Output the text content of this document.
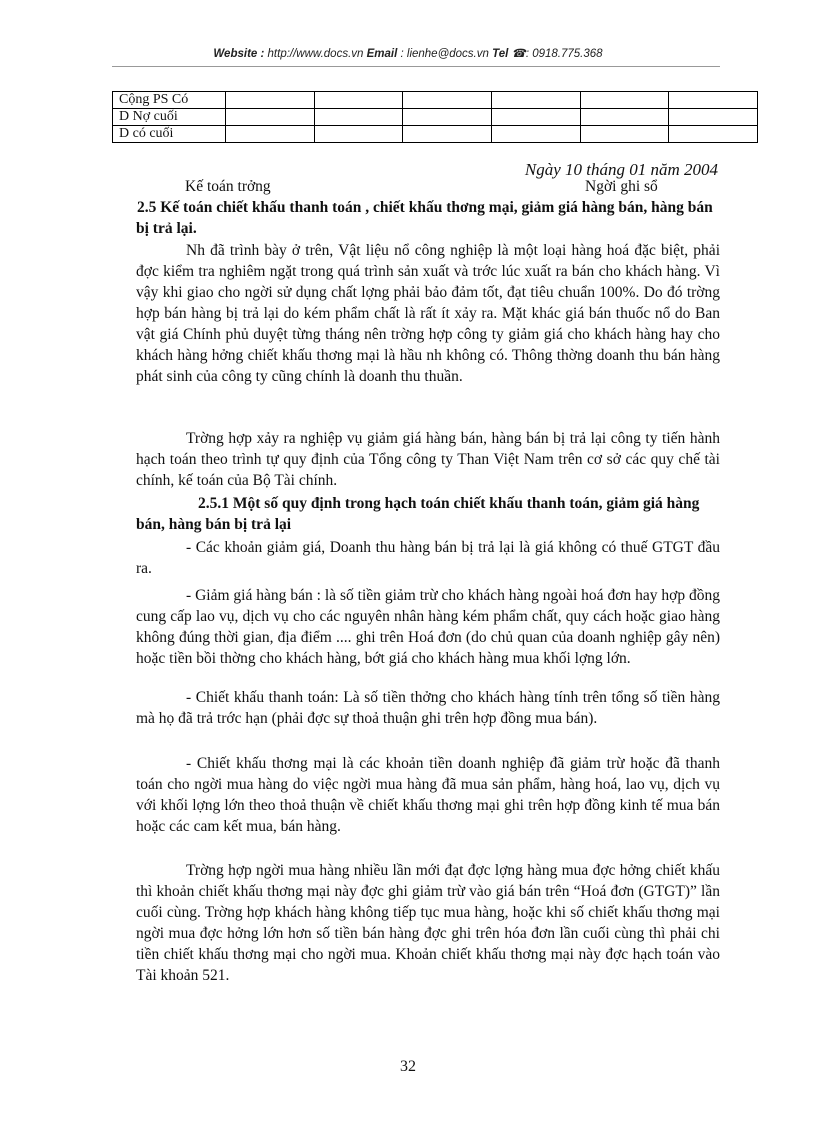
Website : http://www.docs.vn Email : lienhe@docs.vn Tel ☎: 0918.775.368
Cộng PS Có						
D Nợ cuối						
D có cuối						
Ngày 10 tháng 01 năm 2004
Kế toán trởng	Ngời ghi sổ

2.5 Kế toán chiết khấu thanh toán , chiết khấu thơng mại, giảm giá hàng bán, hàng bán bị trả lại.

Nh đã trình bày ở trên, Vật liệu nổ công nghiệp là một loại hàng hoá đặc biệt, phải đợc kiểm tra nghiêm ngặt trong quá trình sản xuất và trớc lúc xuất ra bán cho khách hàng. Vì vậy khi giao cho ngời sử dụng chất lợng phải bảo đảm tốt, đạt tiêu chuẩn 100%. Do đó trờng hợp bán hàng bị trả lại do kém phẩm chất là rất ít xảy ra. Mặt khác giá bán thuốc nổ do Ban vật giá Chính phủ duyệt từng tháng nên trờng hợp công ty giảm giá cho khách hàng hay cho khách hàng hởng chiết khấu thơng mại là hầu nh không có. Thông thờng doanh thu bán hàng phát sinh của công ty cũng chính là doanh thu thuần.

Trờng hợp xảy ra nghiệp vụ giảm giá hàng bán, hàng bán bị trả lại công ty tiến hành hạch toán theo trình tự quy định của Tổng công ty Than Việt Nam trên cơ sở các quy chế tài chính, kế toán của Bộ Tài chính.

2.5.1 Một số quy định trong hạch toán chiết khấu thanh toán, giảm giá hàng bán, hàng bán bị trả lại

- Các khoản giảm giá, Doanh thu hàng bán bị trả lại là giá không có thuế GTGT đầu ra.

- Giảm giá hàng bán : là số tiền giảm trừ cho khách hàng ngoài hoá đơn hay hợp đồng cung cấp lao vụ, dịch vụ cho các nguyên nhân hàng kém phẩm chất, quy cách hoặc giao hàng không đúng thời gian, địa điểm .... ghi trên Hoá đơn (do chủ quan của doanh nghiệp gây nên) hoặc tiền bồi thờng cho khách hàng, bớt giá cho khách hàng mua khối lợng lớn.

- Chiết khấu thanh toán: Là số tiền thởng cho khách hàng tính trên tổng số tiền hàng mà họ đã trả trớc hạn (phải đợc sự thoả thuận ghi trên hợp đồng mua bán).

- Chiết khấu thơng mại là các khoản tiền doanh nghiệp đã giảm trừ hoặc đã thanh toán cho ngời mua hàng do việc ngời mua hàng đã mua sản phẩm, hàng hoá, lao vụ, dịch vụ với khối lợng lớn theo thoả thuận về chiết khấu thơng mại ghi trên hợp đồng kinh tế mua bán hoặc các cam kết mua, bán hàng.

Trờng hợp ngời mua hàng nhiều lần mới đạt đợc lợng hàng mua đợc hởng chiết khấu thì khoản chiết khấu thơng mại này đợc ghi giảm trừ vào giá bán trên “Hoá đơn (GTGT)” lần cuối cùng. Trờng hợp khách hàng không tiếp tục mua hàng, hoặc khi số chiết khấu thơng mại ngời mua đợc hởng lớn hơn số tiền bán hàng đợc ghi trên hóa đơn lần cuối cùng thì phải chi tiền chiết khấu thơng mại cho ngời mua. Khoản chiết khấu thơng mại này đợc hạch toán vào Tài khoản 521.

32
